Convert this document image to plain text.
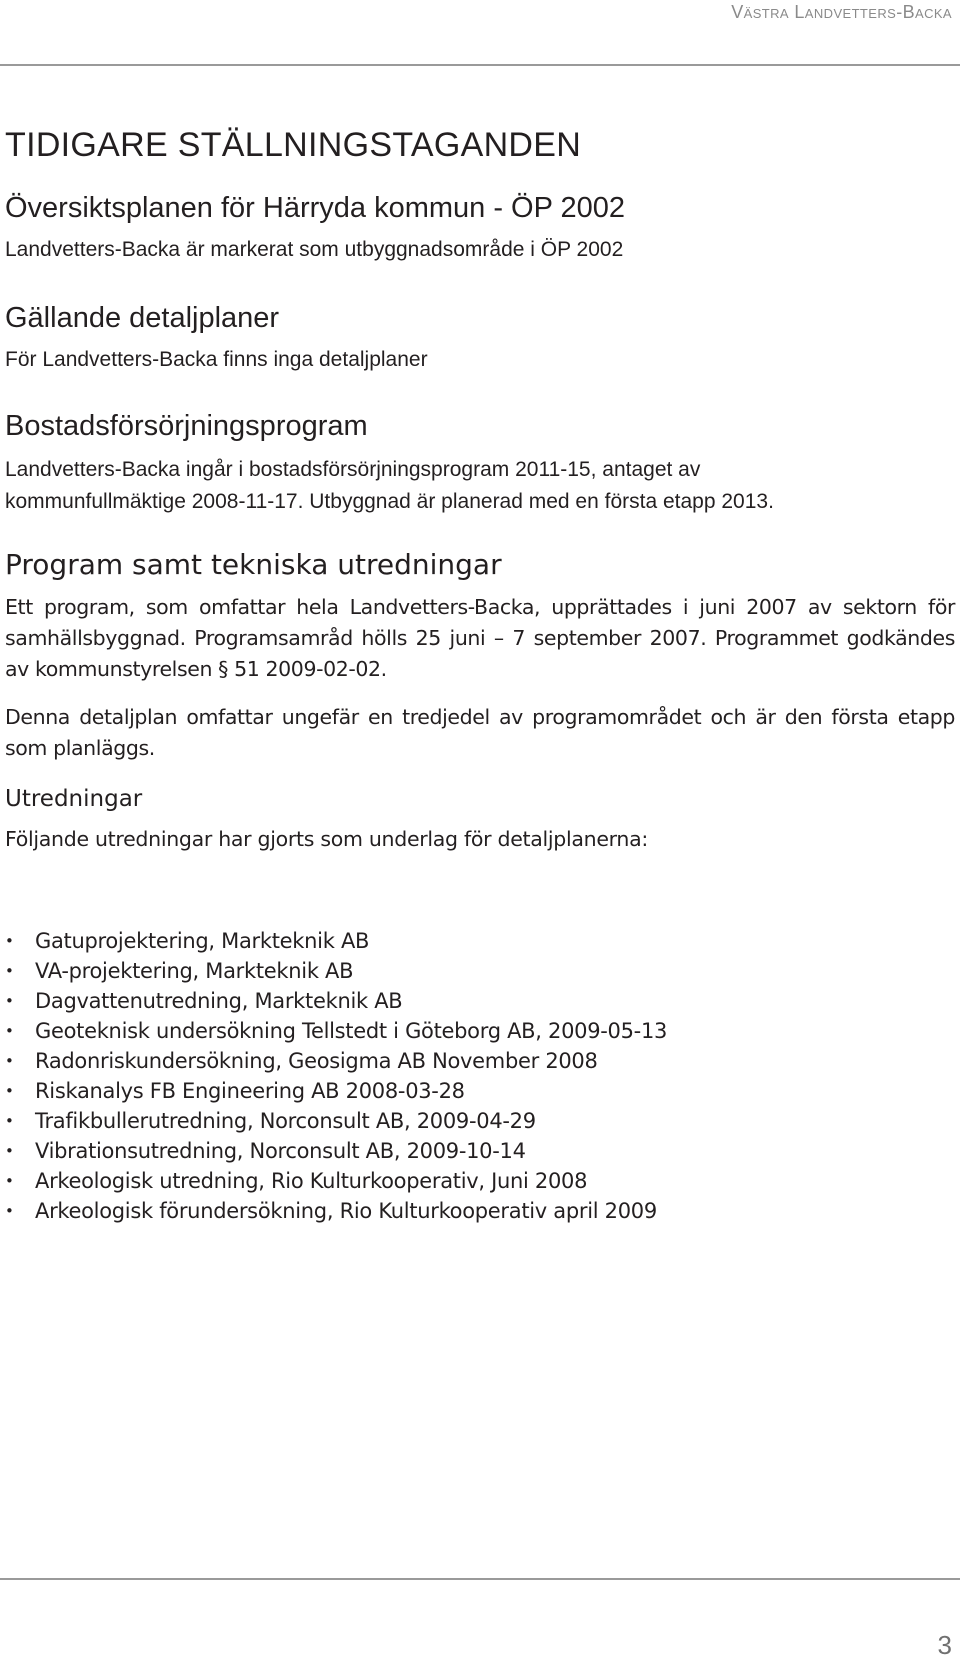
Västra Landvetters-Backa
TIDIGARE STÄLLNINGSTAGANDEN
Översiktsplanen för Härryda kommun - ÖP 2002
Landvetters-Backa är markerat som utbyggnadsområde i ÖP 2002
Gällande detaljplaner
För Landvetters-Backa finns inga detaljplaner
Bostadsförsörjningsprogram
Landvetters-Backa ingår i bostadsförsörjningsprogram 2011-15, antaget av
kommunfullmäktige 2008-11-17. Utbyggnad är planerad med en första etapp 2013.
Program samt tekniska utredningar
Ett program, som omfattar hela Landvetters-Backa, upprättades i juni 2007 av sektorn för samhällsbyggnad. Programsamråd hölls 25 juni – 7 september 2007. Programmet godkändes av kommunstyrelsen § 51 2009-02-02.
Denna detaljplan omfattar ungefär en tredjedel av programområdet och är den första etapp som planläggs.
Utredningar
Följande utredningar har gjorts som underlag för detaljplanerna:
• Gatuprojektering, Markteknik AB
• VA-projektering, Markteknik AB
• Dagvattenutredning, Markteknik AB
• Geoteknisk undersökning Tellstedt i Göteborg AB, 2009-05-13
• Radonriskundersökning, Geosigma AB November 2008
• Riskanalys FB Engineering AB 2008-03-28
• Trafikbullerutredning, Norconsult AB, 2009-04-29
• Vibrationsutredning, Norconsult AB, 2009-10-14
• Arkeologisk utredning, Rio Kulturkooperativ, Juni 2008
• Arkeologisk förundersökning, Rio Kulturkooperativ april 2009
3
